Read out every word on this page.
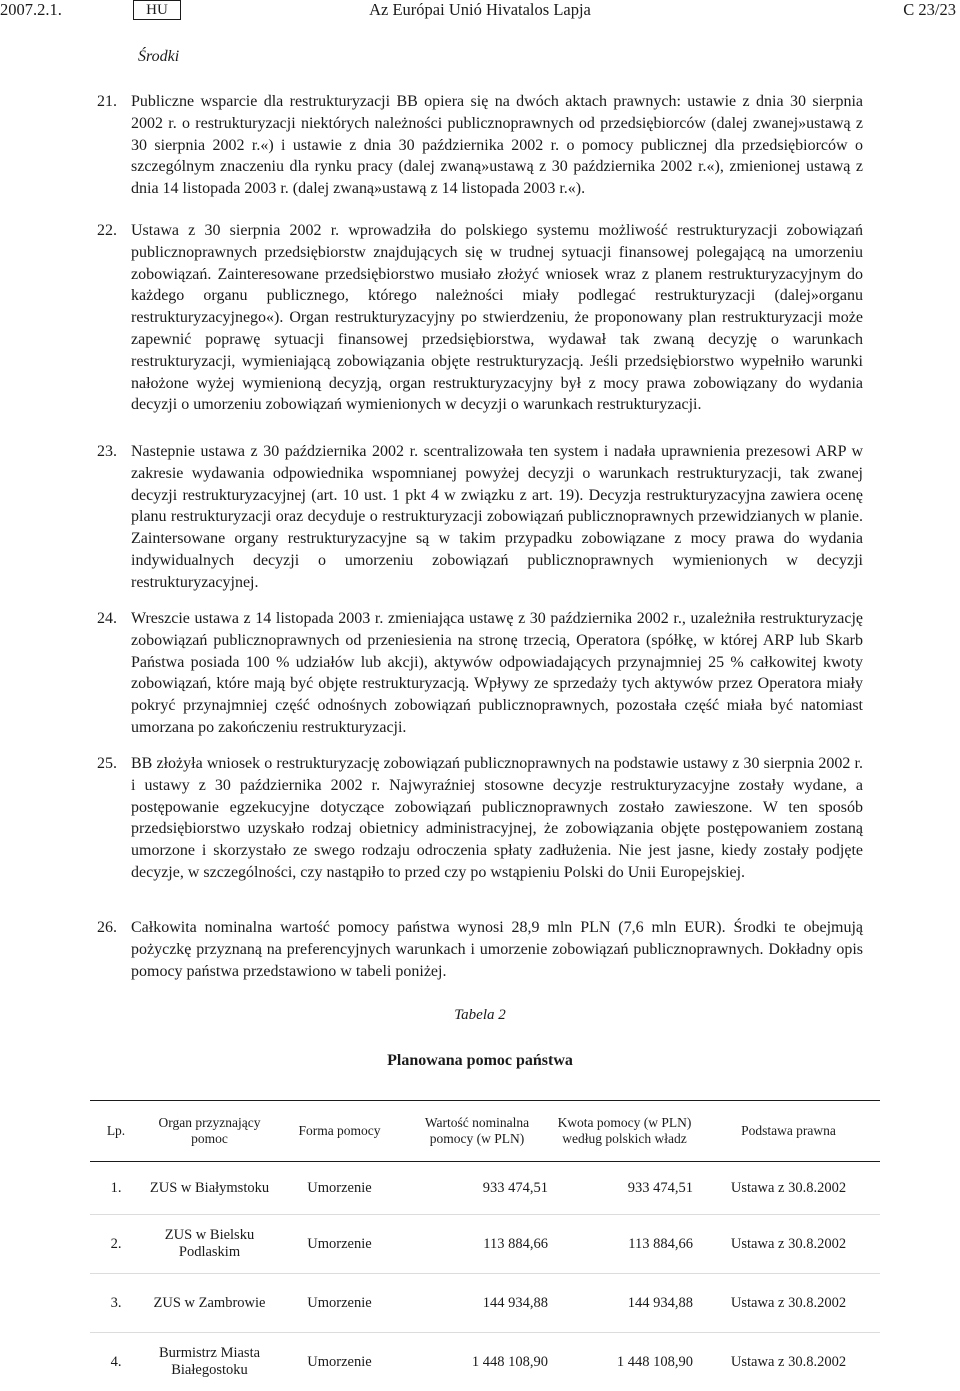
2007.2.1.	HU	Az Európai Unió Hivatalos Lapja	C 23/23
Środki
21. Publiczne wsparcie dla restrukturyzacji BB opiera się na dwóch aktach prawnych: ustawie z dnia 30 sierpnia 2002 r. o restrukturyzacji niektórych należności publicznoprawnych od przedsiębiorców (dalej zwanej»ustawą z 30 sierpnia 2002 r.«) i ustawie z dnia 30 października 2002 r. o pomocy publicznej dla przedsiębiorców o szczególnym znaczeniu dla rynku pracy (dalej zwaną»ustawą z 30 października 2002 r.«), zmienionej ustawą z dnia 14 listopada 2003 r. (dalej zwaną»ustawą z 14 listopada 2003 r.«).
22. Ustawa z 30 sierpnia 2002 r. wprowadziła do polskiego systemu możliwość restrukturyzacji zobowiązań publicznoprawnych przedsiębiorstw znajdujących się w trudnej sytuacji finansowej polegającą na umorzeniu zobowiązań. Zainteresowane przedsiębiorstwo musiało złożyć wniosek wraz z planem restrukturyzacyjnym do każdego organu publicznego, którego należności miały podlegać restrukturyzacji (dalej»organu restrukturyzacyjnego«). Organ restrukturyzacyjny po stwierdzeniu, że proponowany plan restrukturyzacji może zapewnić poprawę sytuacji finansowej przedsiębiorstwa, wydawał tak zwaną decyzję o warunkach restrukturyzacji, wymieniającą zobowiązania objęte restrukturyzacją. Jeśli przedsiębiorstwo wypełniło warunki nałożone wyżej wymienioną decyzją, organ restrukturyzacyjny był z mocy prawa zobowiązany do wydania decyzji o umorzeniu zobowiązań wymienionych w decyzji o warunkach restrukturyzacji.
23. Nastepnie ustawa z 30 października 2002 r. scentralizowała ten system i nadała uprawnienia prezesowi ARP w zakresie wydawania odpowiednika wspomnianej powyżej decyzji o warunkach restrukturyzacji, tak zwanej decyzji restrukturyzacyjnej (art. 10 ust. 1 pkt 4 w związku z art. 19). Decyzja restrukturyzacyjna zawiera ocenę planu restrukturyzacji oraz decyduje o restrukturyzacji zobowiązań publicznoprawnych przewidzianych w planie. Zaintersowane organy restrukturyzacyjne są w takim przypadku zobowiązane z mocy prawa do wydania indywidualnych decyzji o umorzeniu zobowiązań publicznoprawnych wymienionych w decyzji restrukturyzacyjnej.
24. Wreszcie ustawa z 14 listopada 2003 r. zmieniająca ustawę z 30 października 2002 r., uzależniła restrukturyzację zobowiązań publicznoprawnych od przeniesienia na stronę trzecią, Operatora (spółkę, w której ARP lub Skarb Państwa posiada 100 % udziałów lub akcji), aktywów odpowiadających przynajmniej 25 % całkowitej kwoty zobowiązań, które mają być objęte restrukturyzacją. Wpływy ze sprzedaży tych aktywów przez Operatora miały pokryć przynajmniej część odnośnych zobowiązań publicznoprawnych, pozostała część miała być natomiast umorzana po zakończeniu restrukturyzacji.
25. BB złożyła wniosek o restrukturyzację zobowiązań publicznoprawnych na podstawie ustawy z 30 sierpnia 2002 r. i ustawy z 30 października 2002 r. Najwyraźniej stosowne decyzje restrukturyzacyjne zostały wydane, a postępowanie egzekucyjne dotyczące zobowiązań publicznoprawnych zostało zawieszone. W ten sposób przedsiębiorstwo uzyskało rodzaj obietnicy administracyjnej, że zobowiązania objęte postępowaniem zostaną umorzone i skorzystało ze swego rodzaju odroczenia spłaty zadłużenia. Nie jest jasne, kiedy zostały podjęte decyzje, w szczególności, czy nastąpiło to przed czy po wstąpieniu Polski do Unii Europejskiej.
26. Całkowita nominalna wartość pomocy państwa wynosi 28,9 mln PLN (7,6 mln EUR). Środki te obejmują pożyczkę przyznaną na preferencyjnych warunkach i umorzenie zobowiązań publicznoprawnych. Dokładny opis pomocy państwa przedstawiono w tabeli poniżej.
Tabela 2
Planowana pomoc państwa
Lp.	Organ przyznający pomoc	Forma pomocy	Wartość nominalna pomocy (w PLN)	Kwota pomocy (w PLN) według polskich władz	Podstawa prawna
1.	ZUS w Białymstoku	Umorzenie	933 474,51	933 474,51	Ustawa z 30.8.2002
2.	ZUS w Bielsku Podlaskim	Umorzenie	113 884,66	113 884,66	Ustawa z 30.8.2002
3.	ZUS w Zambrowie	Umorzenie	144 934,88	144 934,88	Ustawa z 30.8.2002
4.	Burmistrz Miasta Białegostoku	Umorzenie	1 448 108,90	1 448 108,90	Ustawa z 30.8.2002
